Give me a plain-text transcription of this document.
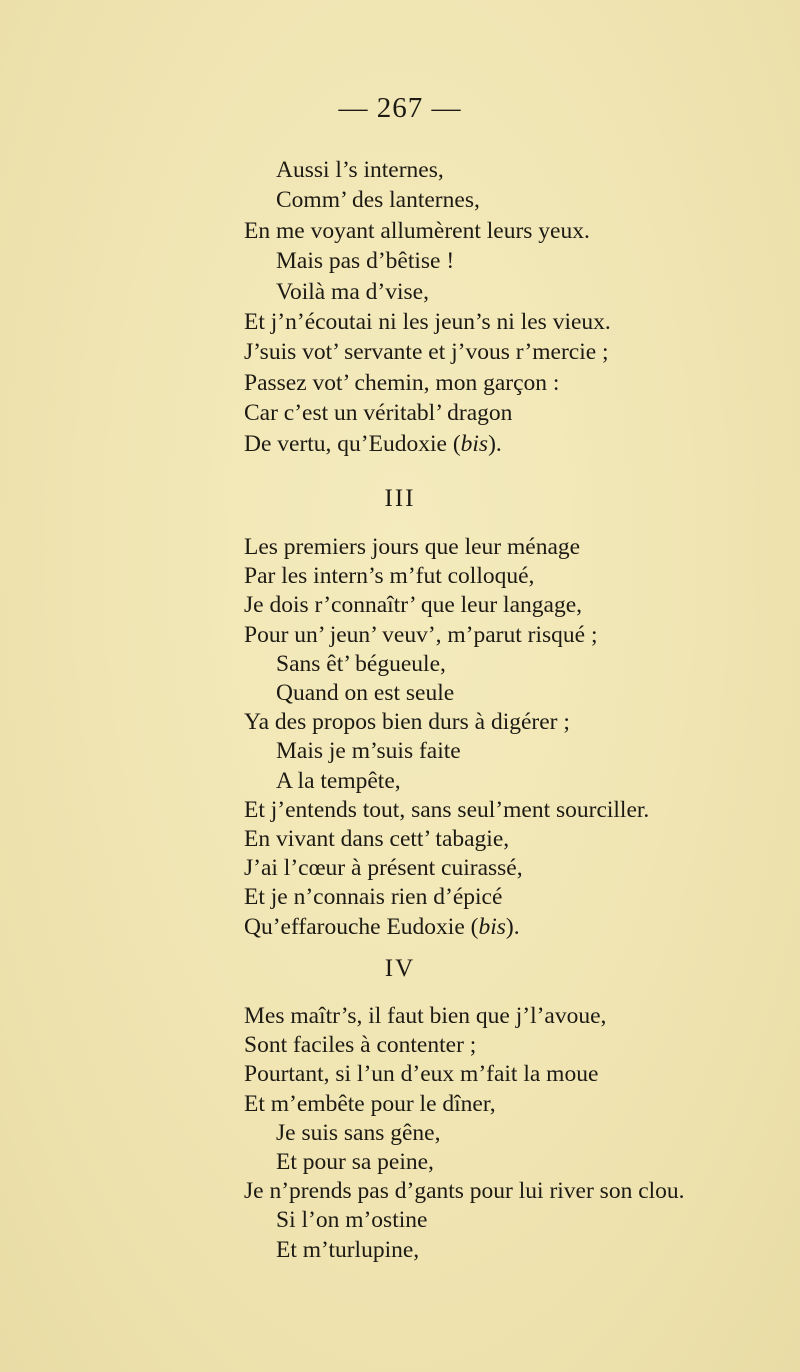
— 267 —
Aussi l’s internes,
Comm’ des lanternes,
En me voyant allumèrent leurs yeux.
Mais pas d’bêtise !
Voilà ma d’vise,
Et j’n’écoutai ni les jeun’s ni les vieux.
J’suis vot’ servante et j’vous r’mercie ;
Passez vot’ chemin, mon garçon :
Car c’est un véritabl’ dragon
De vertu, qu’Eudoxie (bis).
III
Les premiers jours que leur ménage
Par les intern’s m’fut colloqué,
Je dois r’connaîtr’ que leur langage,
Pour un’ jeun’ veuv’, m’parut risqué ;
Sans êt’ bégueule,
Quand on est seule
Ya des propos bien durs à digérer ;
Mais je m’suis faite
A la tempête,
Et j’entends tout, sans seul’ment sourciller.
En vivant dans cett’ tabagie,
J’ai l’cœur à présent cuirassé,
Et je n’connais rien d’épicé
Qu’effarouche Eudoxie (bis).
IV
Mes maîtr’s, il faut bien que j’l’avoue,
Sont faciles à contenter ;
Pourtant, si l’un d’eux m’fait la moue
Et m’embête pour le dîner,
Je suis sans gêne,
Et pour sa peine,
Je n’prends pas d’gants pour lui river son clou.
Si l’on m’ostine
Et m’turlupine,
